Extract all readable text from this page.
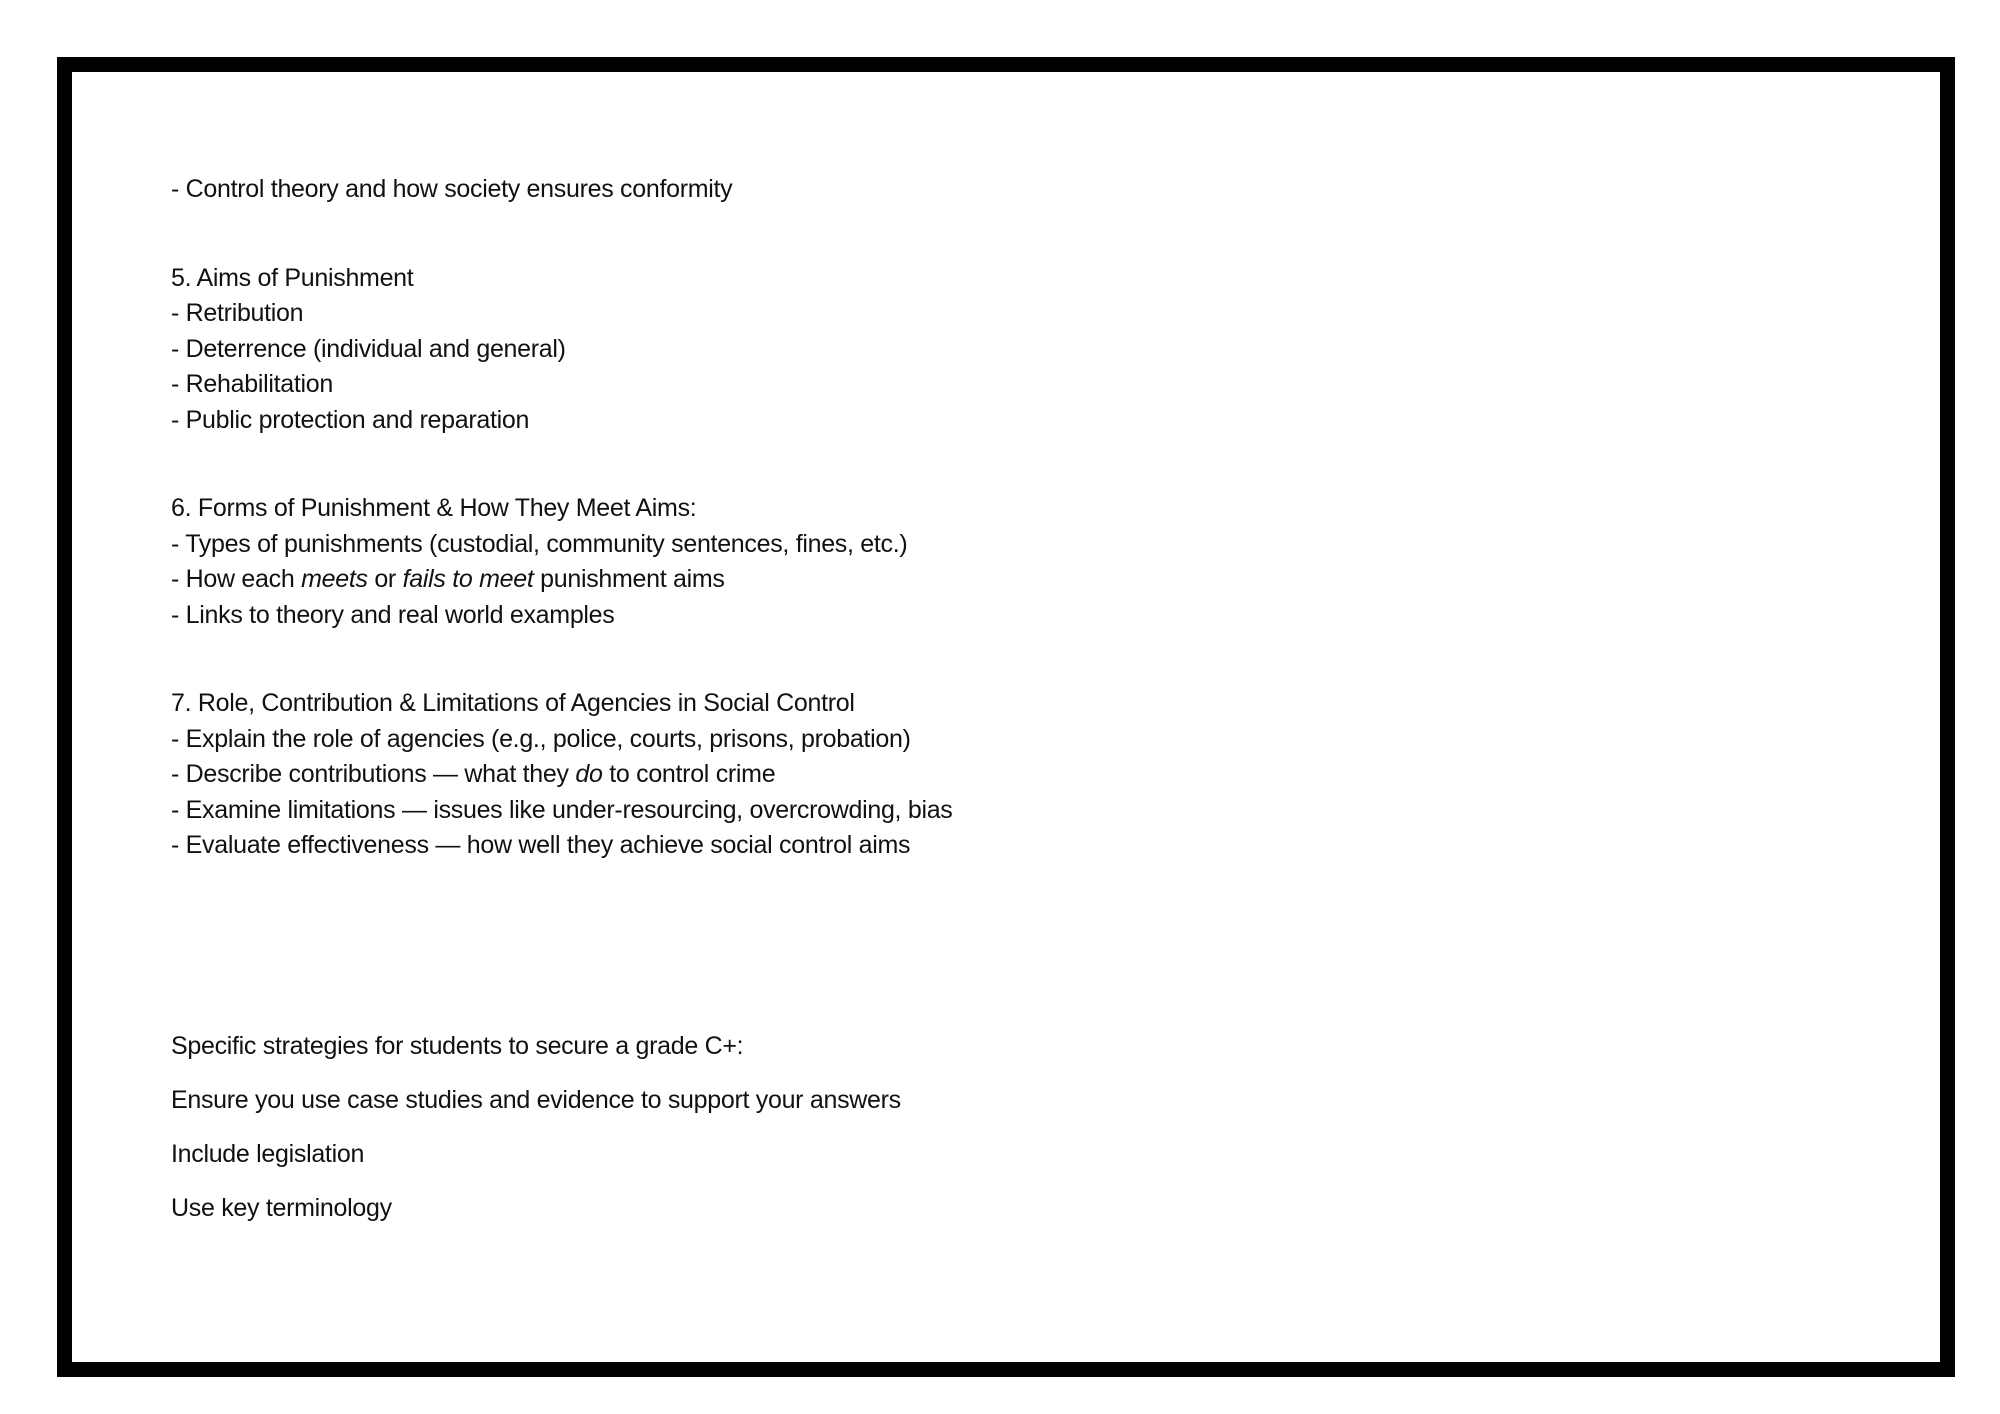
- Control theory and how society ensures conformity
5. Aims of Punishment
- Retribution
- Deterrence (individual and general)
- Rehabilitation
- Public protection and reparation
6. Forms of Punishment & How They Meet Aims:
- Types of punishments (custodial, community sentences, fines, etc.)
- How each meets or fails to meet punishment aims
- Links to theory and real world examples
7. Role, Contribution & Limitations of Agencies in Social Control
- Explain the role of agencies (e.g., police, courts, prisons, probation)
- Describe contributions — what they do to control crime
- Examine limitations — issues like under-resourcing, overcrowding, bias
- Evaluate effectiveness — how well they achieve social control aims
Specific strategies for students to secure a grade C+:
Ensure you use case studies and evidence to support your answers
Include legislation
Use key terminology
